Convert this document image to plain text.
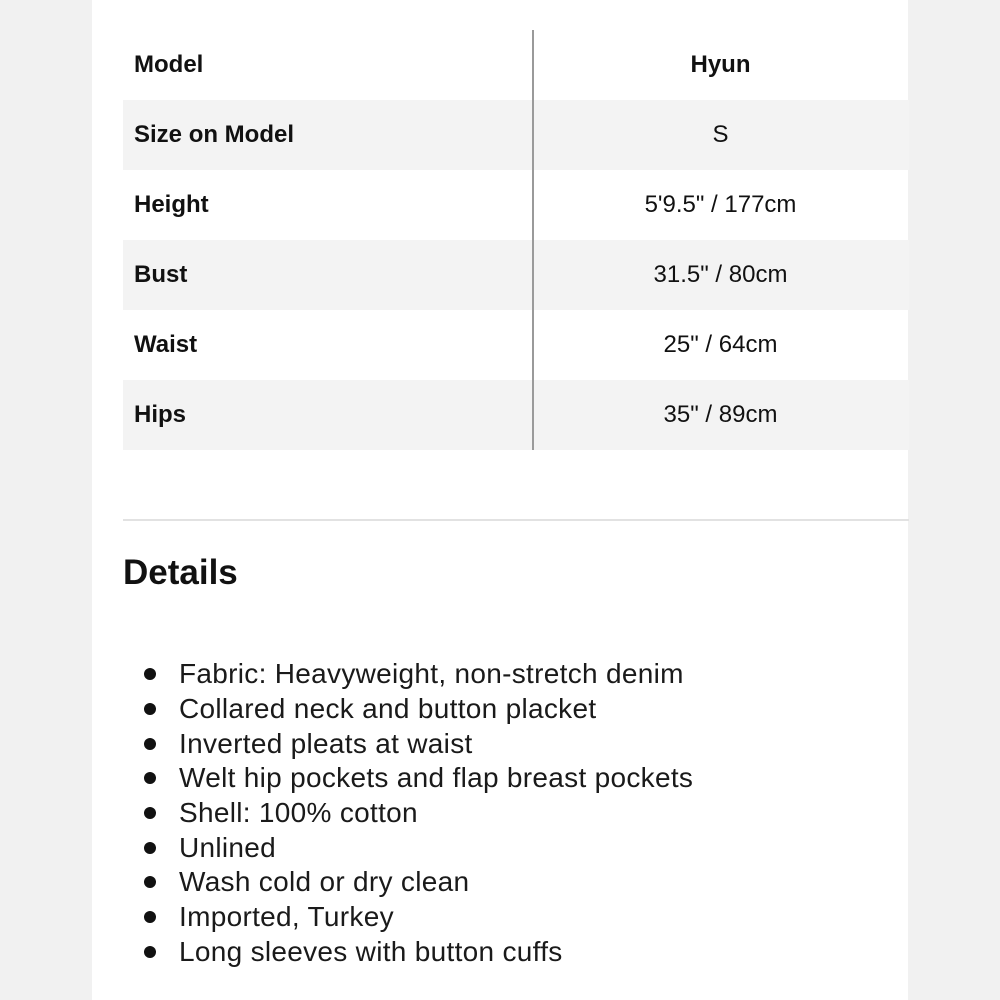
Model	Hyun
Size on Model	S
Height	5'9.5" / 177cm
Bust	31.5" / 80cm
Waist	25" / 64cm
Hips	35" / 89cm
Details
Fabric: Heavyweight, non-stretch denim
Collared neck and button placket
Inverted pleats at waist
Welt hip pockets and flap breast pockets
Shell: 100% cotton
Unlined
Wash cold or dry clean
Imported, Turkey
Long sleeves with button cuffs
